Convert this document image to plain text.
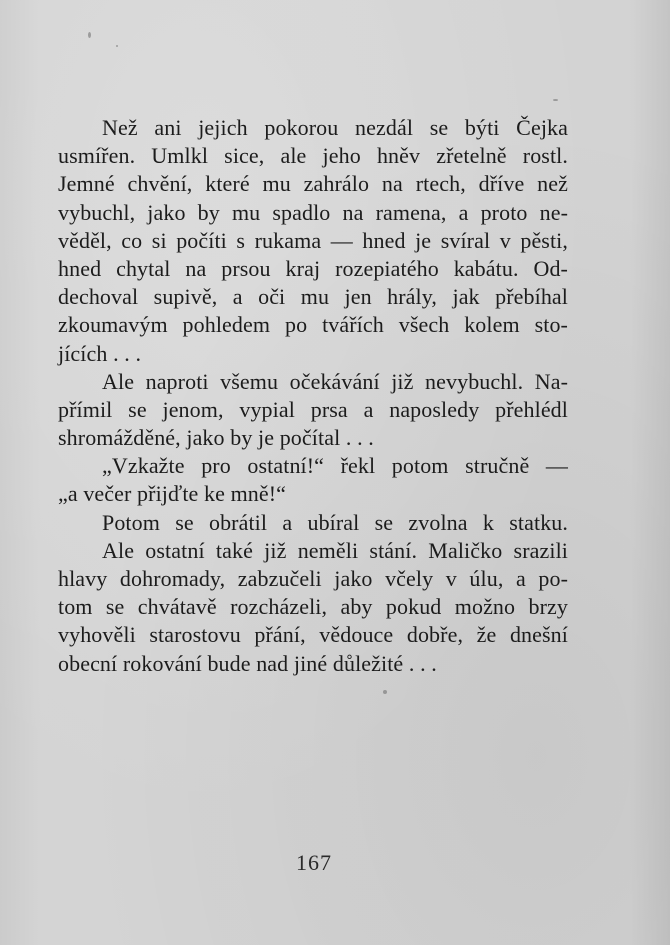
Než ani jejich pokorou nezdál se býti Čejka
usmířen. Umlkl sice, ale jeho hněv zřetelně rostl.
Jemné chvění, které mu zahrálo na rtech, dříve než
vybuchl, jako by mu spadlo na ramena, a proto ne-
věděl, co si počíti s rukama — hned je svíral v pěsti,
hned chytal na prsou kraj rozepiatého kabátu. Od-
dechoval supivě, a oči mu jen hrály, jak přebíhal
zkoumavým pohledem po tvářích všech kolem sto-
jících . . .
Ale naproti všemu očekávání již nevybuchl. Na-
přímil se jenom, vypial prsa a naposledy přehlédl
shromážděné, jako by je počítal . . .
„Vzkažte pro ostatní!“ řekl potom stručně —
„a večer přijďte ke mně!“
Potom se obrátil a ubíral se zvolna k statku.
Ale ostatní také již neměli stání. Maličko srazili
hlavy dohromady, zabzučeli jako včely v úlu, a po-
tom se chvátavě rozcházeli, aby pokud možno brzy
vyhověli starostovu přání, vědouce dobře, že dnešní
obecní rokování bude nad jiné důležité . . .
167
